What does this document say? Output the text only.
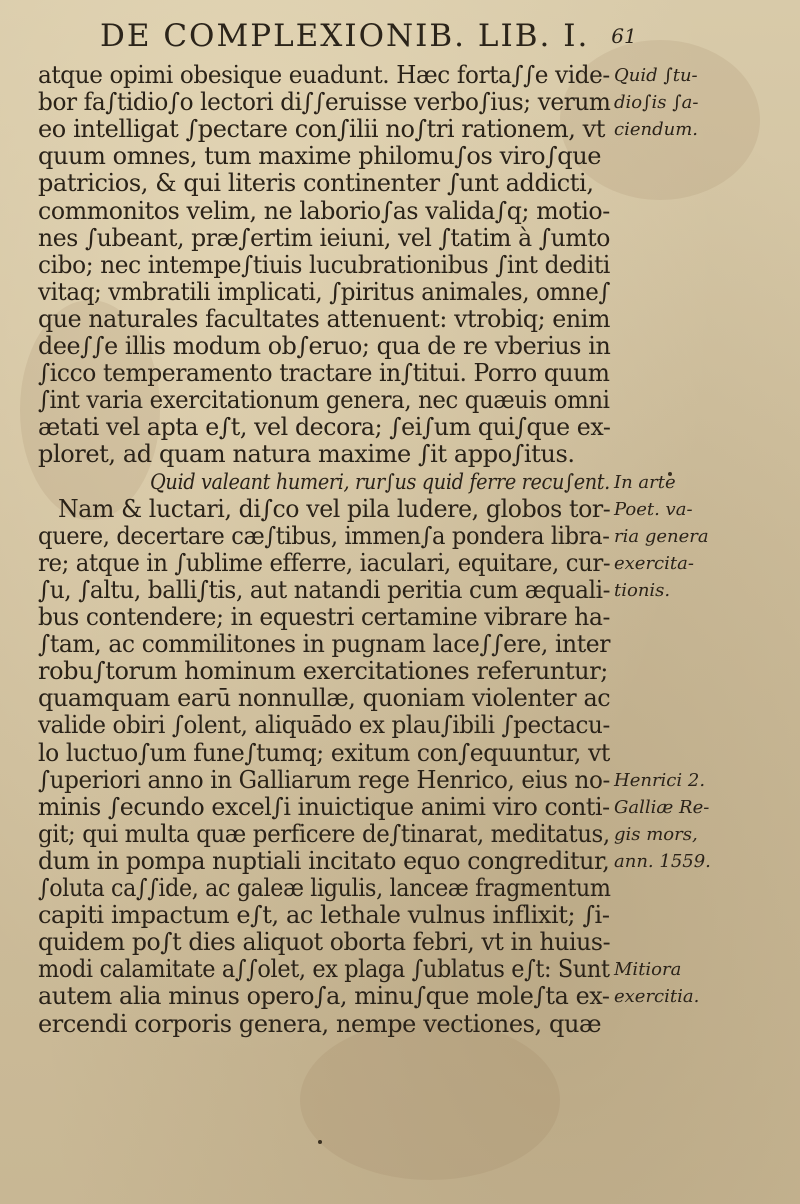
DE COMPLEXIONIB. LIB. I. 61
atque opimi obesique euadunt. Hæc forta∫∫e vide- Quid ∫tu-
bor fa∫tidio∫o lectori di∫∫eruisse verbo∫ius; verum dio∫is ∫a-
eo intelligat ∫pectare con∫ilii no∫tri rationem, vt ciendum.
quum omnes, tum maxime philomu∫os viro∫que
patricios, & qui literis continenter ∫unt addicti,
commonitos velim, ne laborio∫as valida∫q; motio-
nes ∫ubeant, præ∫ertim ieiuni, vel ∫tatim à ∫umto
cibo; nec intempe∫tiuis lucubrationibus ∫int dediti
vitaq; vmbratili implicati, ∫piritus animales, omne∫
que naturales facultates attenuent: vtrobiq; enim
dee∫∫e illis modum ob∫eruo; qua de re vberius in
∫icco temperamento tractare in∫titui. Porro quum
∫int varia exercitationum genera, nec quæuis omni
ætati vel apta e∫t, vel decora; ∫ei∫um qui∫que ex-
ploret, ad quam natura maxime ∫it appo∫itus.
Quid valeant humeri, rur∫us quid ferre recu∫ent. In arte
Nam & luctari, di∫co vel pila ludere, globos tor- Poet. va-
quere, decertare cæ∫tibus, immen∫a pondera libra- ria genera
re; atque in ∫ublime efferre, iaculari, equitare, cur- exercita-
∫u, ∫altu, balli∫tis, aut natandi peritia cum æquali- tionis.
bus contendere; in equestri certamine vibrare ha-
∫tam, ac commilitones in pugnam lace∫∫ere, inter
robu∫torum hominum exercitationes referuntur;
quamquam earū nonnullæ, quoniam violenter ac
valide obiri ∫olent, aliquādo ex plau∫ibili ∫pectacu-
lo luctuo∫um fune∫tumq; exitum con∫equuntur, vt
∫uperiori anno in Galliarum rege Henrico, eius no- Henrici 2.
minis ∫ecundo excel∫i inuictique animi viro conti- Galliæ Re-
git; qui multa quæ perficere de∫tinarat, meditatus, gis mors,
dum in pompa nuptiali incitato equo congreditur, ann. 1559.
∫oluta ca∫∫ide, ac galeæ ligulis, lanceæ fragmentum
capiti impactum e∫t, ac lethale vulnus inflixit; ∫i-
quidem po∫t dies aliquot oborta febri, vt in huius-
modi calamitate a∫∫olet, ex plaga ∫ublatus e∫t: Sunt Mitiora
autem alia minus opero∫a, minu∫que mole∫ta ex- exercitia.
ercendi corporis genera, nempe vectiones, quæ
